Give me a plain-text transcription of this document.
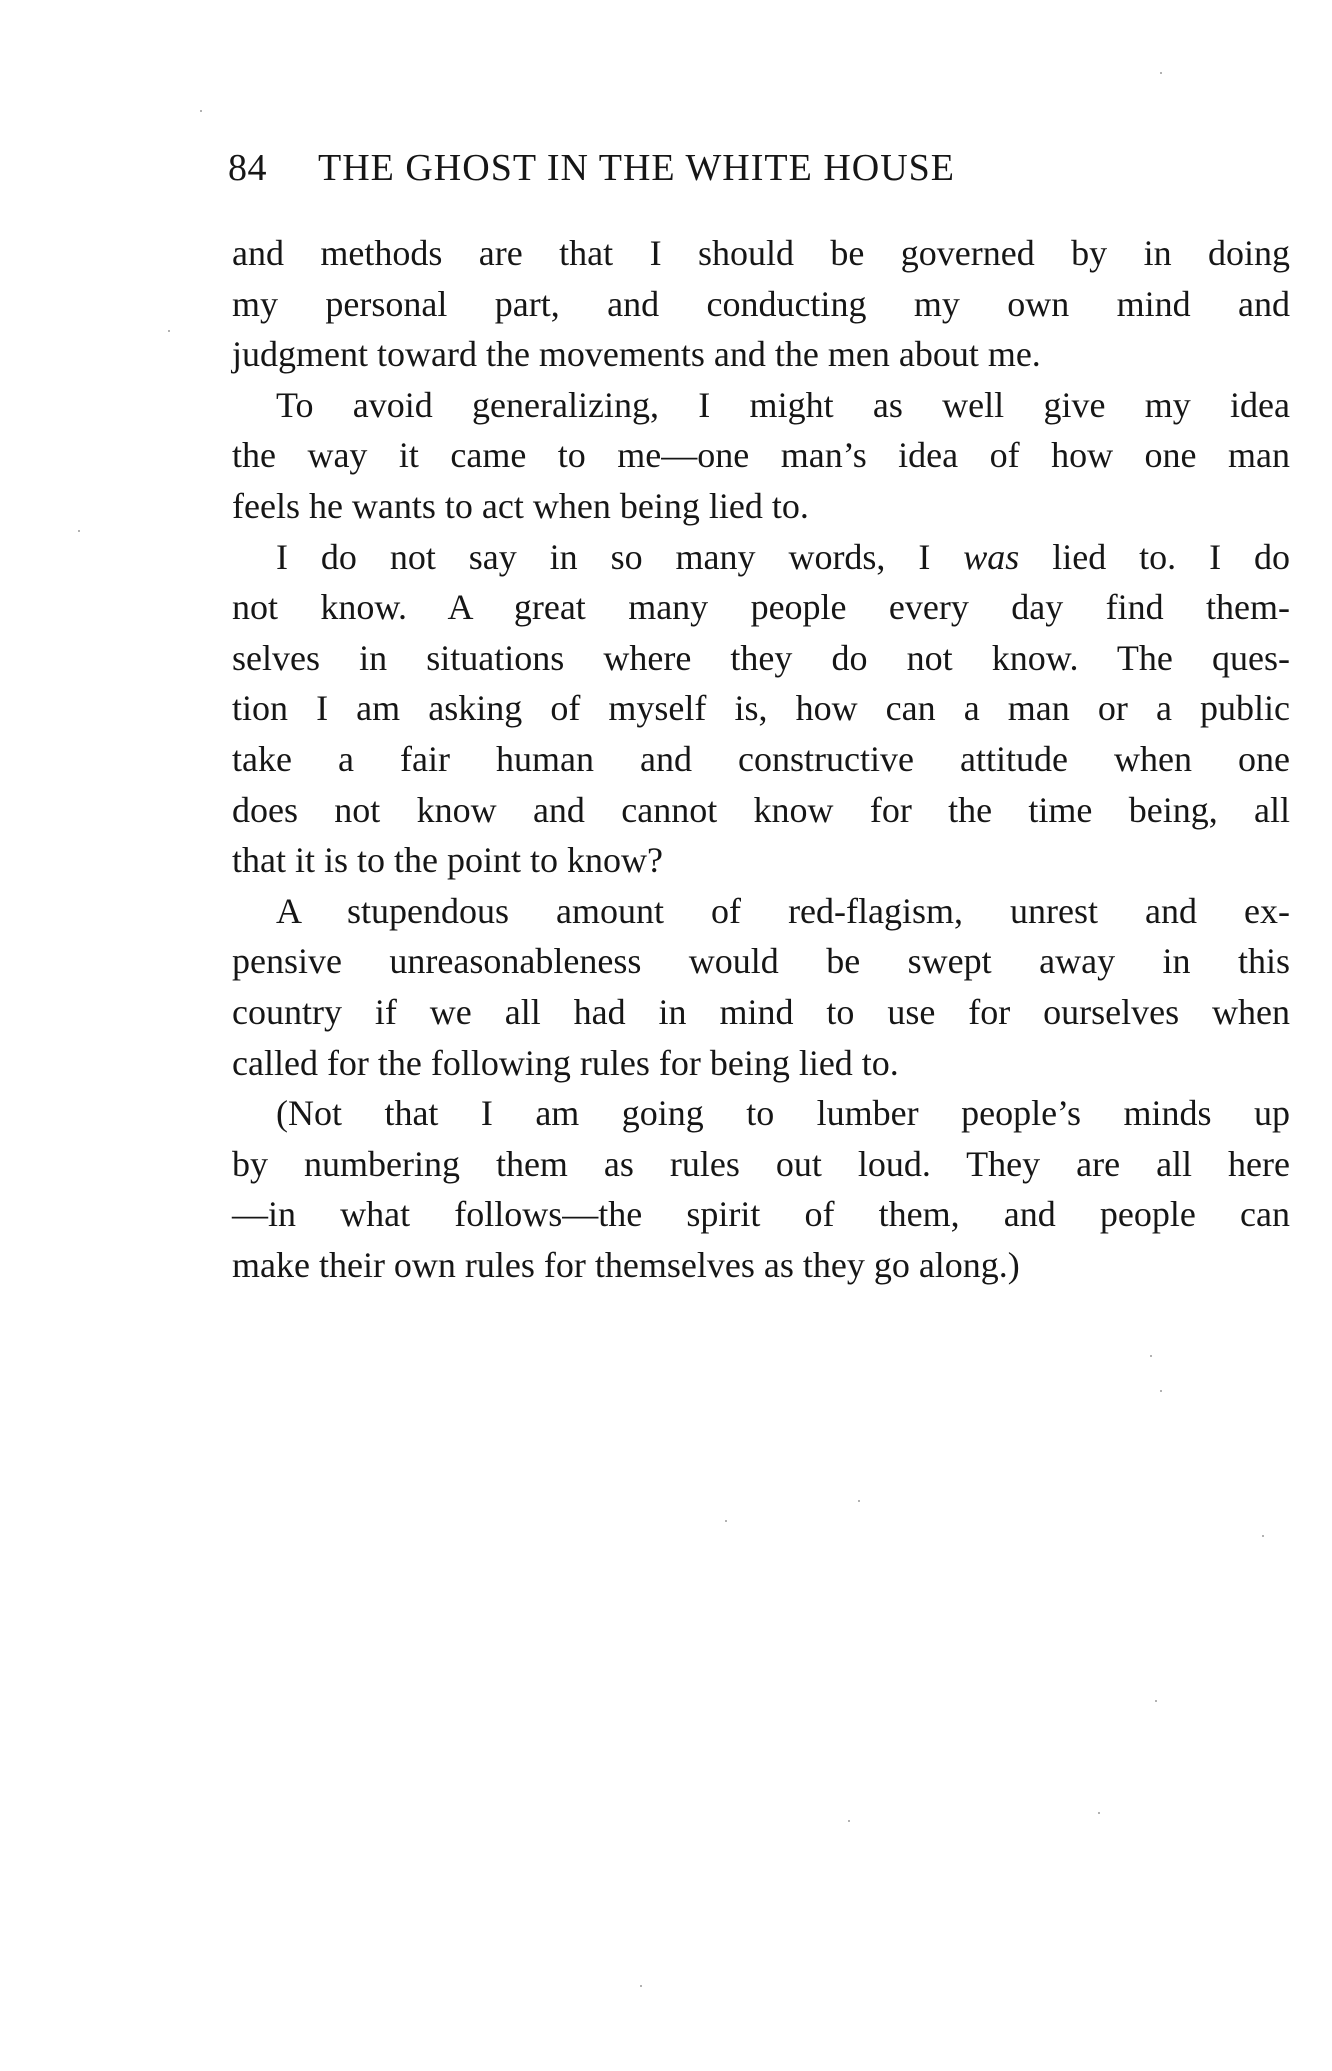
84 THE GHOST IN THE WHITE HOUSE

and methods are that I should be governed by in doing
my personal part, and conducting my own mind and
judgment toward the movements and the men about me.

To avoid generalizing, I might as well give my idea
the way it came to me—one man’s idea of how one man
feels he wants to act when being lied to.

I do not say in so many words, I was lied to. I do
not know. A great many people every day find them-
selves in situations where they do not know. The ques-
tion I am asking of myself is, how can a man or a public
take a fair human and constructive attitude when one
does not know and cannot know for the time being, all
that it is to the point to know?

A stupendous amount of red-flagism, unrest and ex-
pensive unreasonableness would be swept away in this
country if we all had in mind to use for ourselves when
called for the following rules for being lied to.

(Not that I am going to lumber people’s minds up
by numbering them as rules out loud. They are all here
—in what follows—the spirit of them, and people can
make their own rules for themselves as they go along.)
